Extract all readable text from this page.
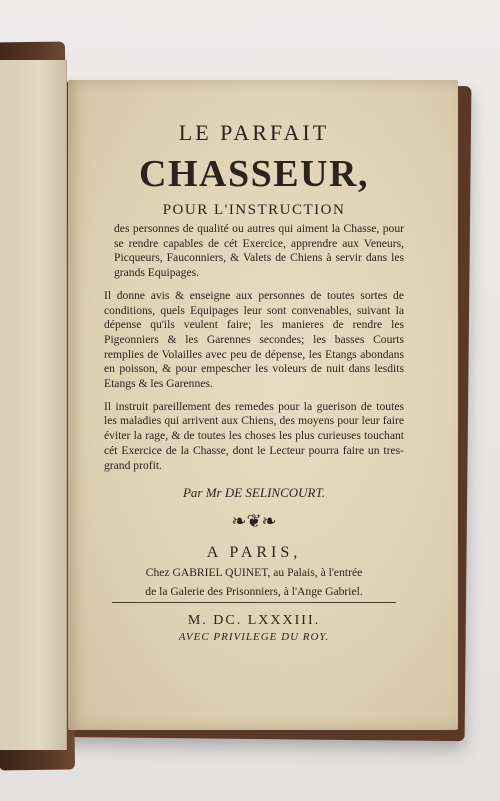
LE PARFAIT
CHASSEUR,
POUR L'INSTRUCTION
des personnes de qualité ou autres qui aiment la Chasse, pour se rendre capables de cét Exercice, apprendre aux Veneurs, Picqueurs, Fauconniers, & Valets de Chiens à servir dans les grands Equipages.
Il donne avis & enseigne aux personnes de toutes sortes de conditions, quels Equipages leur sont convenables, suivant la dépense qu'ils veulent faire; les manieres de rendre les Pigeonniers & les Garennes secondes; les basses Courts remplies de Volailles avec peu de dépense, les Etangs abondans en poisson, & pour empescher les voleurs de nuit dans lesdits Etangs & les Garennes.
Il instruit pareillement des remedes pour la guerison de toutes les maladies qui arrivent aux Chiens, des moyens pour leur faire éviter la rage, & de toutes les choses les plus curieuses touchant cét Exercice de la Chasse, dont le Lecteur pourra faire un tres-grand profit.
Par Mr DE SELINCOURT.
❧❦❧
A PARIS,
Chez GABRIEL QUINET, au Palais, à l'entrée
de la Galerie des Prisonniers, à l'Ange Gabriel.
M. DC. LXXXIII.
AVEC PRIVILEGE DU ROY.
